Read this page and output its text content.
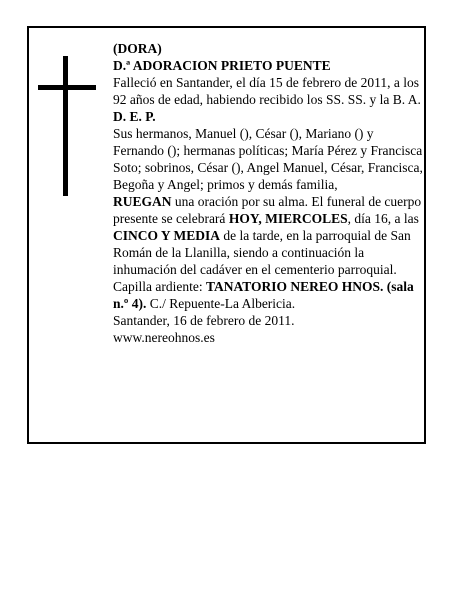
(DORA)

D.ª ADORACION PRIETO PUENTE

Falleció en Santander, el día 15 de febrero de 2011, a los 92 años de edad, habiendo recibido los SS. SS. y la B. A.

D. E. P.

Sus hermanos, Manuel (), César (), Mariano () y Fernando (); hermanas políticas; María Pérez y Francisca Soto; sobrinos, César (), Angel Manuel, César, Francisca, Begoña y Angel; primos y demás familia,

RUEGAN una oración por su alma. El funeral de cuerpo presente se celebrará HOY, MIERCOLES, día 16, a las CINCO Y MEDIA de la tarde, en la parroquial de San Román de la Llanilla, siendo a continuación la inhumación del cadáver en el cementerio parroquial. Capilla ardiente: TANATORIO NEREO HNOS. (sala n.º 4). C./ Repuente-La Albericia.

Santander, 16 de febrero de 2011.

www.nereohnos.es
